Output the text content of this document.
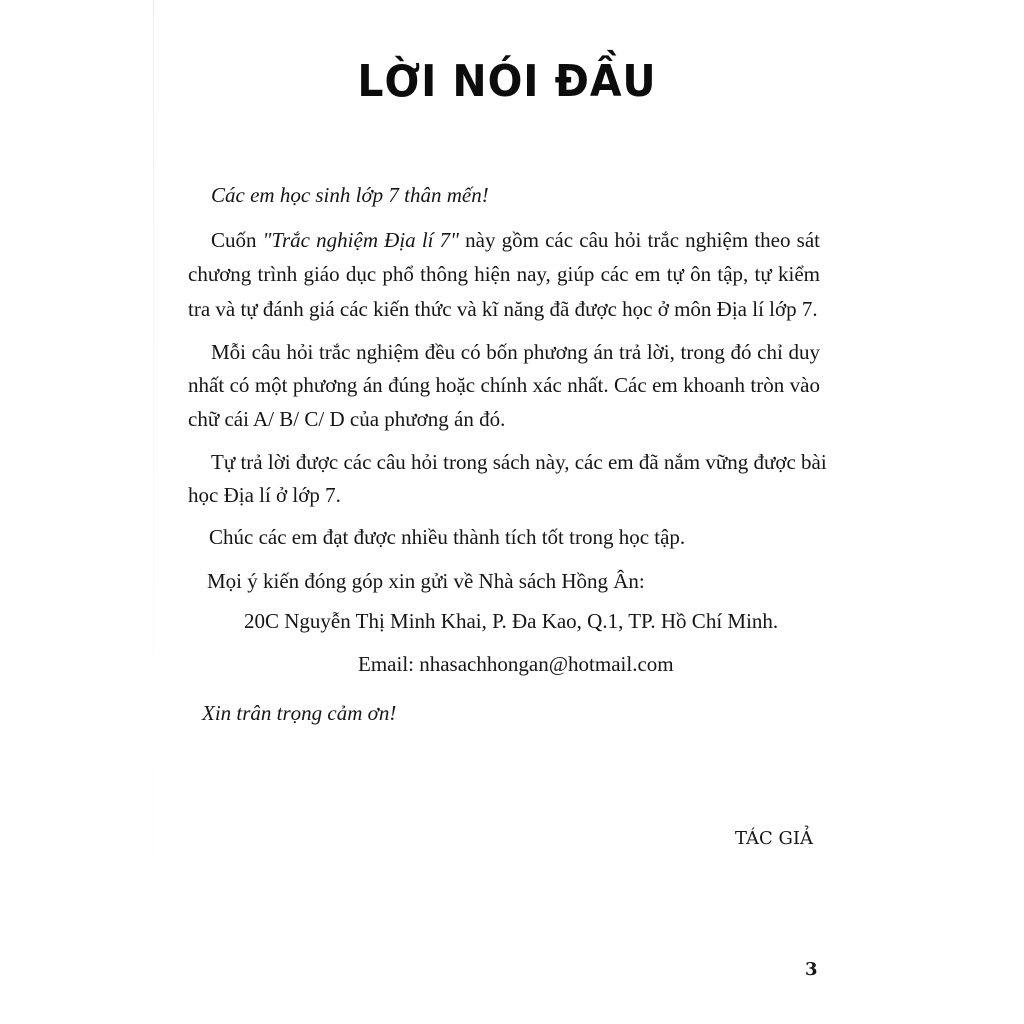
LỜI NÓI ĐẦU
Các em học sinh lớp 7 thân mến!
Cuốn "Trắc nghiệm Địa lí 7" này gồm các câu hỏi trắc nghiệm theo sát
chương trình giáo dục phổ thông hiện nay, giúp các em tự ôn tập, tự kiểm
tra và tự đánh giá các kiến thức và kĩ năng đã được học ở môn Địa lí lớp 7.
Mỗi câu hỏi trắc nghiệm đều có bốn phương án trả lời, trong đó chỉ duy
nhất có một phương án đúng hoặc chính xác nhất. Các em khoanh tròn vào
chữ cái A/ B/ C/ D của phương án đó.
Tự trả lời được các câu hỏi trong sách này, các em đã nắm vững được bài
học Địa lí ở lớp 7.
Chúc các em đạt được nhiều thành tích tốt trong học tập.
Mọi ý kiến đóng góp xin gửi về Nhà sách Hồng Ân:
20C Nguyễn Thị Minh Khai, P. Đa Kao, Q.1, TP. Hồ Chí Minh.
Email: nhasachhongan@hotmail.com
Xin trân trọng cảm ơn!
TÁC GIẢ
3
